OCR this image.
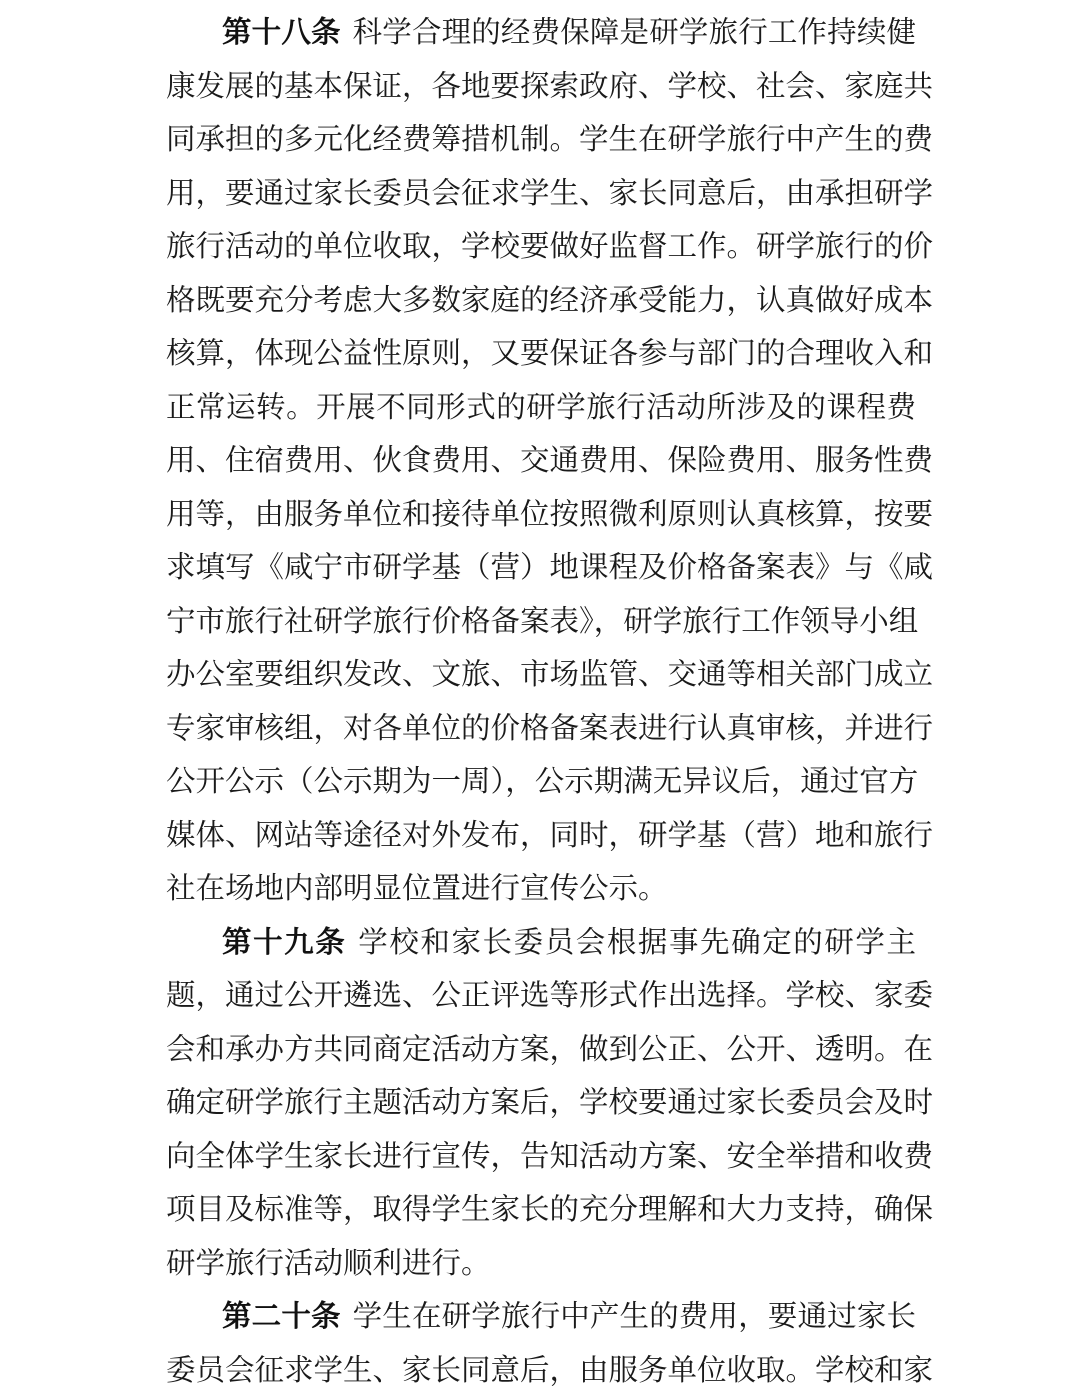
第十八条 科学合理的经费保障是研学旅行工作持续健
康发展的基本保证，各地要探索政府、学校、社会、家庭共
同承担的多元化经费筹措机制。学生在研学旅行中产生的费
用，要通过家长委员会征求学生、家长同意后，由承担研学
旅行活动的单位收取，学校要做好监督工作。研学旅行的价
格既要充分考虑大多数家庭的经济承受能力，认真做好成本
核算，体现公益性原则，又要保证各参与部门的合理收入和
正常运转。开展不同形式的研学旅行活动所涉及的课程费
用、住宿费用、伙食费用、交通费用、保险费用、服务性费
用等，由服务单位和接待单位按照微利原则认真核算，按要
求填写《咸宁市研学基（营）地课程及价格备案表》与《咸
宁市旅行社研学旅行价格备案表》，研学旅行工作领导小组
办公室要组织发改、文旅、市场监管、交通等相关部门成立
专家审核组，对各单位的价格备案表进行认真审核，并进行
公开公示（公示期为一周），公示期满无异议后，通过官方
媒体、网站等途径对外发布，同时，研学基（营）地和旅行
社在场地内部明显位置进行宣传公示。
第十九条 学校和家长委员会根据事先确定的研学主
题，通过公开遴选、公正评选等形式作出选择。学校、家委
会和承办方共同商定活动方案，做到公正、公开、透明。在
确定研学旅行主题活动方案后，学校要通过家长委员会及时
向全体学生家长进行宣传，告知活动方案、安全举措和收费
项目及标准等，取得学生家长的充分理解和大力支持，确保
研学旅行活动顺利进行。
第二十条 学生在研学旅行中产生的费用，要通过家长
委员会征求学生、家长同意后，由服务单位收取。学校和家
